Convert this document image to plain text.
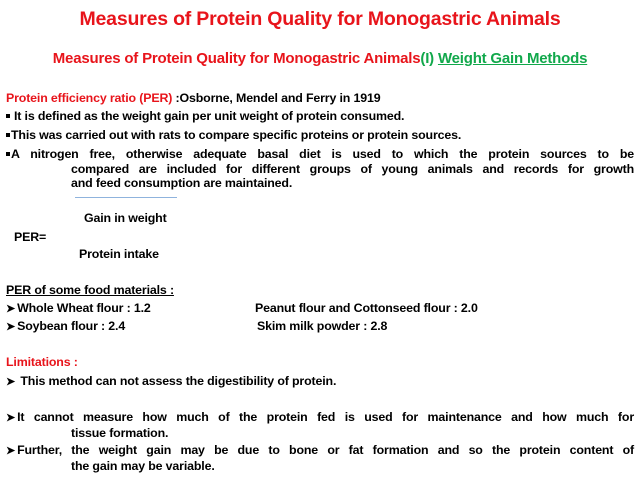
Measures of Protein Quality for Monogastric Animals
Measures of Protein Quality for Monogastric Animals(I) Weight Gain Methods
Protein efficiency ratio (PER) :Osborne, Mendel and Ferry in 1919
It is defined as the weight gain per unit weight of protein consumed.
This was carried out with rats to compare specific proteins or protein sources.
A nitrogen free, otherwise adequate basal diet is used to which the protein sources to be
compared are included for different groups of young animals and records for growth
and feed consumption are maintained.
Gain in weight
PER=
Protein intake
PER of some food materials :
➤ Whole Wheat flour : 1.2	Peanut flour and Cottonseed flour : 2.0
➤ Soybean flour : 2.4	Skim milk powder : 2.8
Limitations :
➤ This method can not assess the digestibility of protein.
➤ It cannot measure how much of the protein fed is used for maintenance and how much for
tissue formation.
➤ Further, the weight gain may be due to bone or fat formation and so the protein content of
the gain may be variable.
